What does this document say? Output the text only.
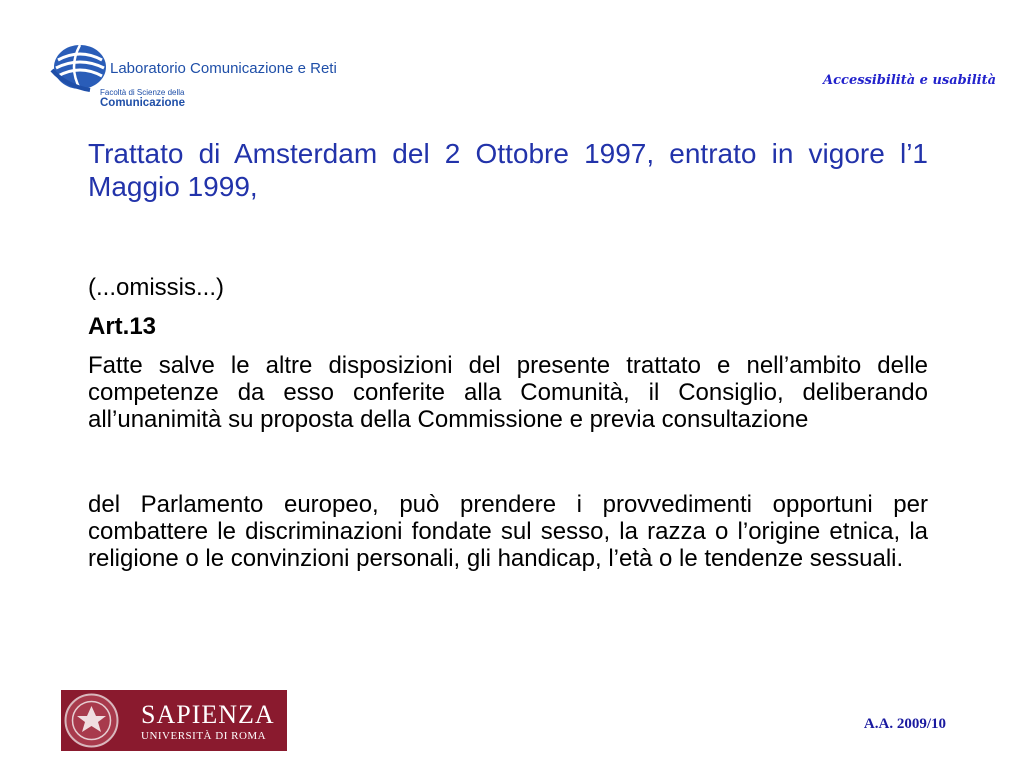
Laboratorio Comunicazione e Reti
Facoltà di Scienze della
Comunicazione
Accessibilità e usabilità

Trattato di Amsterdam del 2 Ottobre 1997, entrato in vigore l’1 Maggio 1999,

(...omissis...)

Art.13

Fatte salve le altre disposizioni del presente trattato e nell’ambito delle competenze da esso conferite alla Comunità, il Consiglio, deliberando all’unanimità su proposta della Commissione e previa consultazione

del Parlamento europeo, può prendere i provvedimenti opportuni per combattere le discriminazioni fondate sul sesso, la razza o l’origine etnica, la religione o le convinzioni personali, gli handicap, l’età o le tendenze sessuali.

SAPIENZA
UNIVERSITÀ DI ROMA
A.A. 2009/10
